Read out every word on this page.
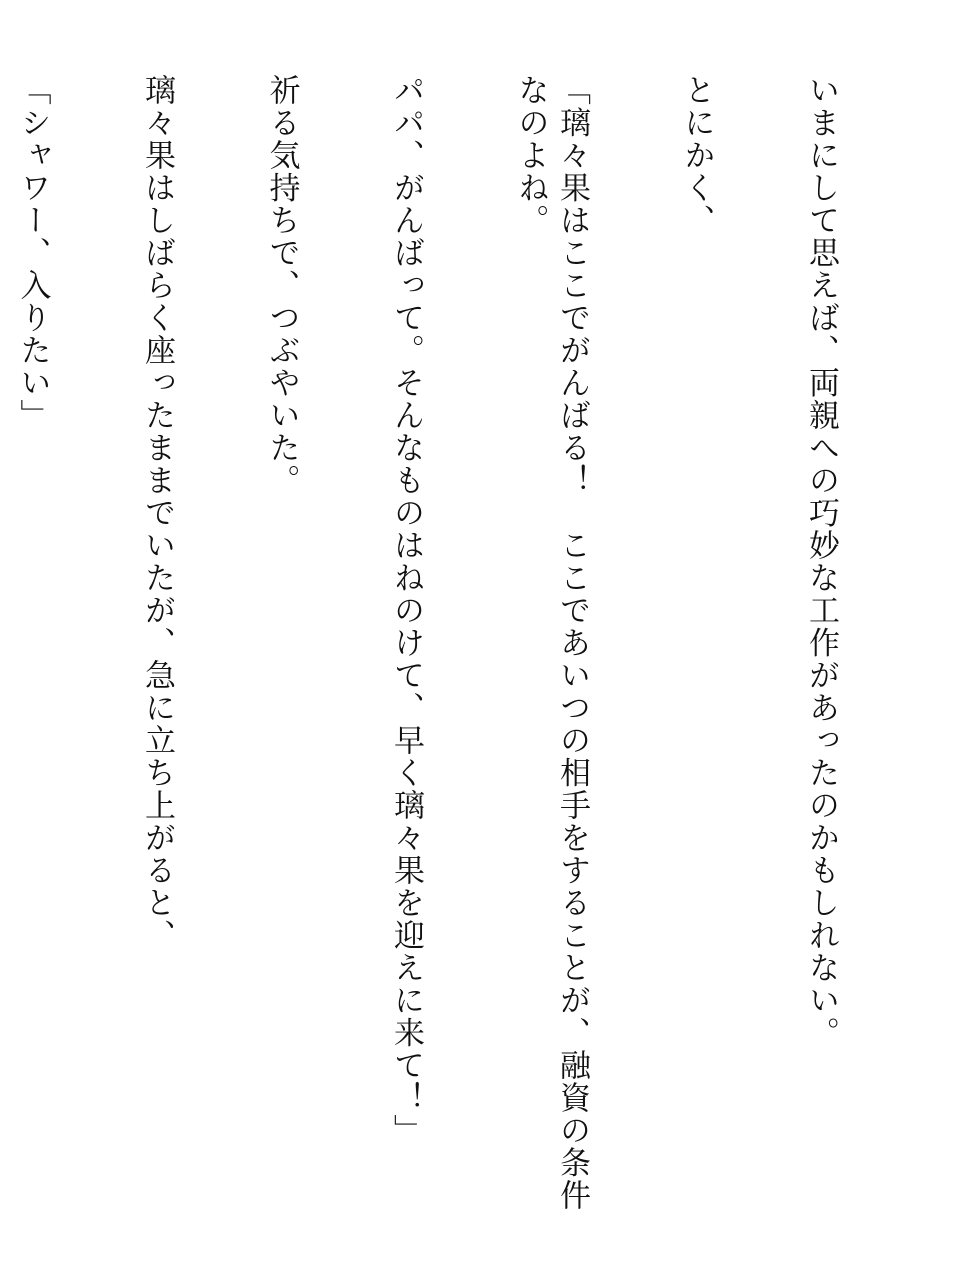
いまにして思えば、両親への巧妙な工作があったのかもしれない。

とにかく、

「璃々果はここでがんばる！　ここであいつの相手をすることが、融資の条件なのよね。

パパ、がんばって。そんなものはねのけて、早く璃々果を迎えに来て！」

祈る気持ちで、つぶやいた。

璃々果はしばらく座ったままでいたが、急に立ち上がると、

「シャワー、入りたい」
